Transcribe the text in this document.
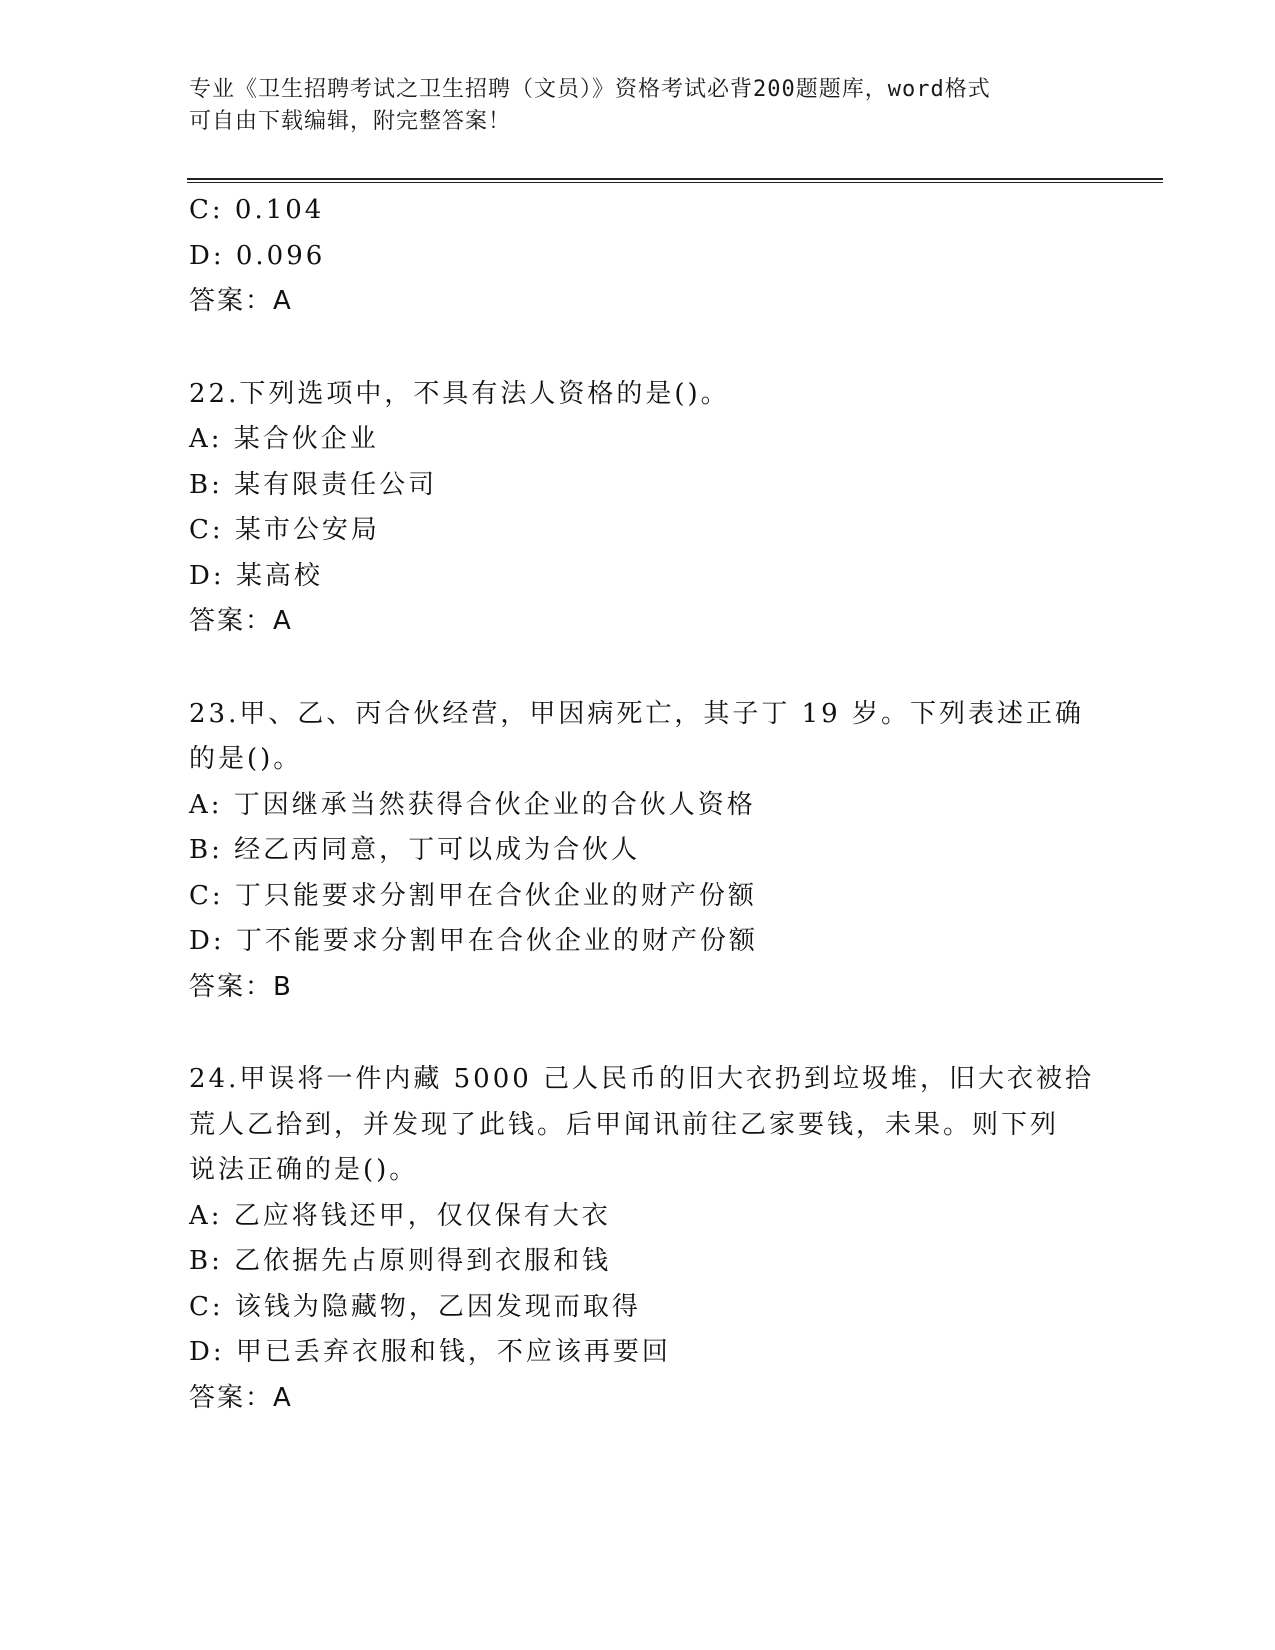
专业《卫生招聘考试之卫生招聘（文员）》资格考试必背200题题库，word格式
可自由下载编辑，附完整答案！
C: 0.104
D: 0.096
答案：A
22.下列选项中，不具有法人资格的是()。
A: 某合伙企业
B: 某有限责任公司
C: 某市公安局
D: 某高校
答案：A
23.甲、乙、丙合伙经营，甲因病死亡，其子丁 19 岁。下列表述正确
的是()。
A: 丁因继承当然获得合伙企业的合伙人资格
B: 经乙丙同意，丁可以成为合伙人
C: 丁只能要求分割甲在合伙企业的财产份额
D: 丁不能要求分割甲在合伙企业的财产份额
答案：B
24.甲误将一件内藏 5000 己人民币的旧大衣扔到垃圾堆，旧大衣被拾
荒人乙拾到，并发现了此钱。后甲闻讯前往乙家要钱，未果。则下列
说法正确的是()。
A: 乙应将钱还甲，仅仅保有大衣
B: 乙依据先占原则得到衣服和钱
C: 该钱为隐藏物，乙因发现而取得
D: 甲已丢弃衣服和钱，不应该再要回
答案：A
